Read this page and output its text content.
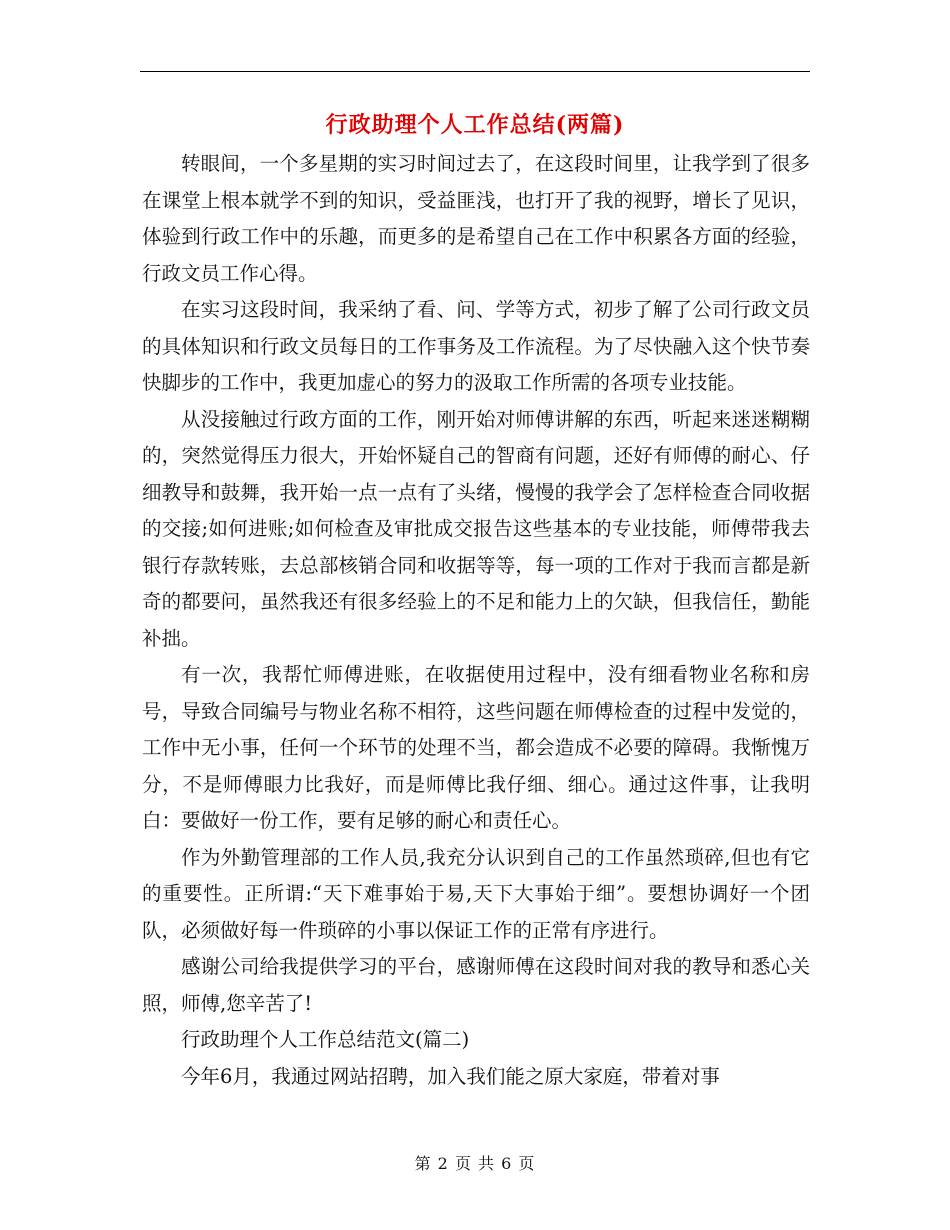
行政助理个人工作总结(两篇)

转眼间，一个多星期的实习时间过去了，在这段时间里，让我学到了很多在课堂上根本就学不到的知识，受益匪浅，也打开了我的视野，增长了见识，体验到行政工作中的乐趣，而更多的是希望自己在工作中积累各方面的经验，行政文员工作心得。

在实习这段时间，我采纳了看、问、学等方式，初步了解了公司行政文员的具体知识和行政文员每日的工作事务及工作流程。为了尽快融入这个快节奏快脚步的工作中，我更加虚心的努力的汲取工作所需的各项专业技能。

从没接触过行政方面的工作，刚开始对师傅讲解的东西，听起来迷迷糊糊的，突然觉得压力很大，开始怀疑自己的智商有问题，还好有师傅的耐心、仔细教导和鼓舞，我开始一点一点有了头绪，慢慢的我学会了怎样检查合同收据的交接;如何进账;如何检查及审批成交报告这些基本的专业技能，师傅带我去银行存款转账，去总部核销合同和收据等等，每一项的工作对于我而言都是新奇的都要问，虽然我还有很多经验上的不足和能力上的欠缺，但我信任，勤能补拙。

有一次，我帮忙师傅进账，在收据使用过程中，没有细看物业名称和房号，导致合同编号与物业名称不相符，这些问题在师傅检查的过程中发觉的，工作中无小事，任何一个环节的处理不当，都会造成不必要的障碍。我惭愧万分，不是师傅眼力比我好，而是师傅比我仔细、细心。通过这件事，让我明白：要做好一份工作，要有足够的耐心和责任心。

作为外勤管理部的工作人员,我充分认识到自己的工作虽然琐碎,但也有它的重要性。正所谓:“天下难事始于易,天下大事始于细”。要想协调好一个团队，必须做好每一件琐碎的小事以保证工作的正常有序进行。

感谢公司给我提供学习的平台，感谢师傅在这段时间对我的教导和悉心关照，师傅,您辛苦了!

行政助理个人工作总结范文(篇二)

今年6月，我通过网站招聘，加入我们能之原大家庭，带着对事

第 2 页 共 6 页
